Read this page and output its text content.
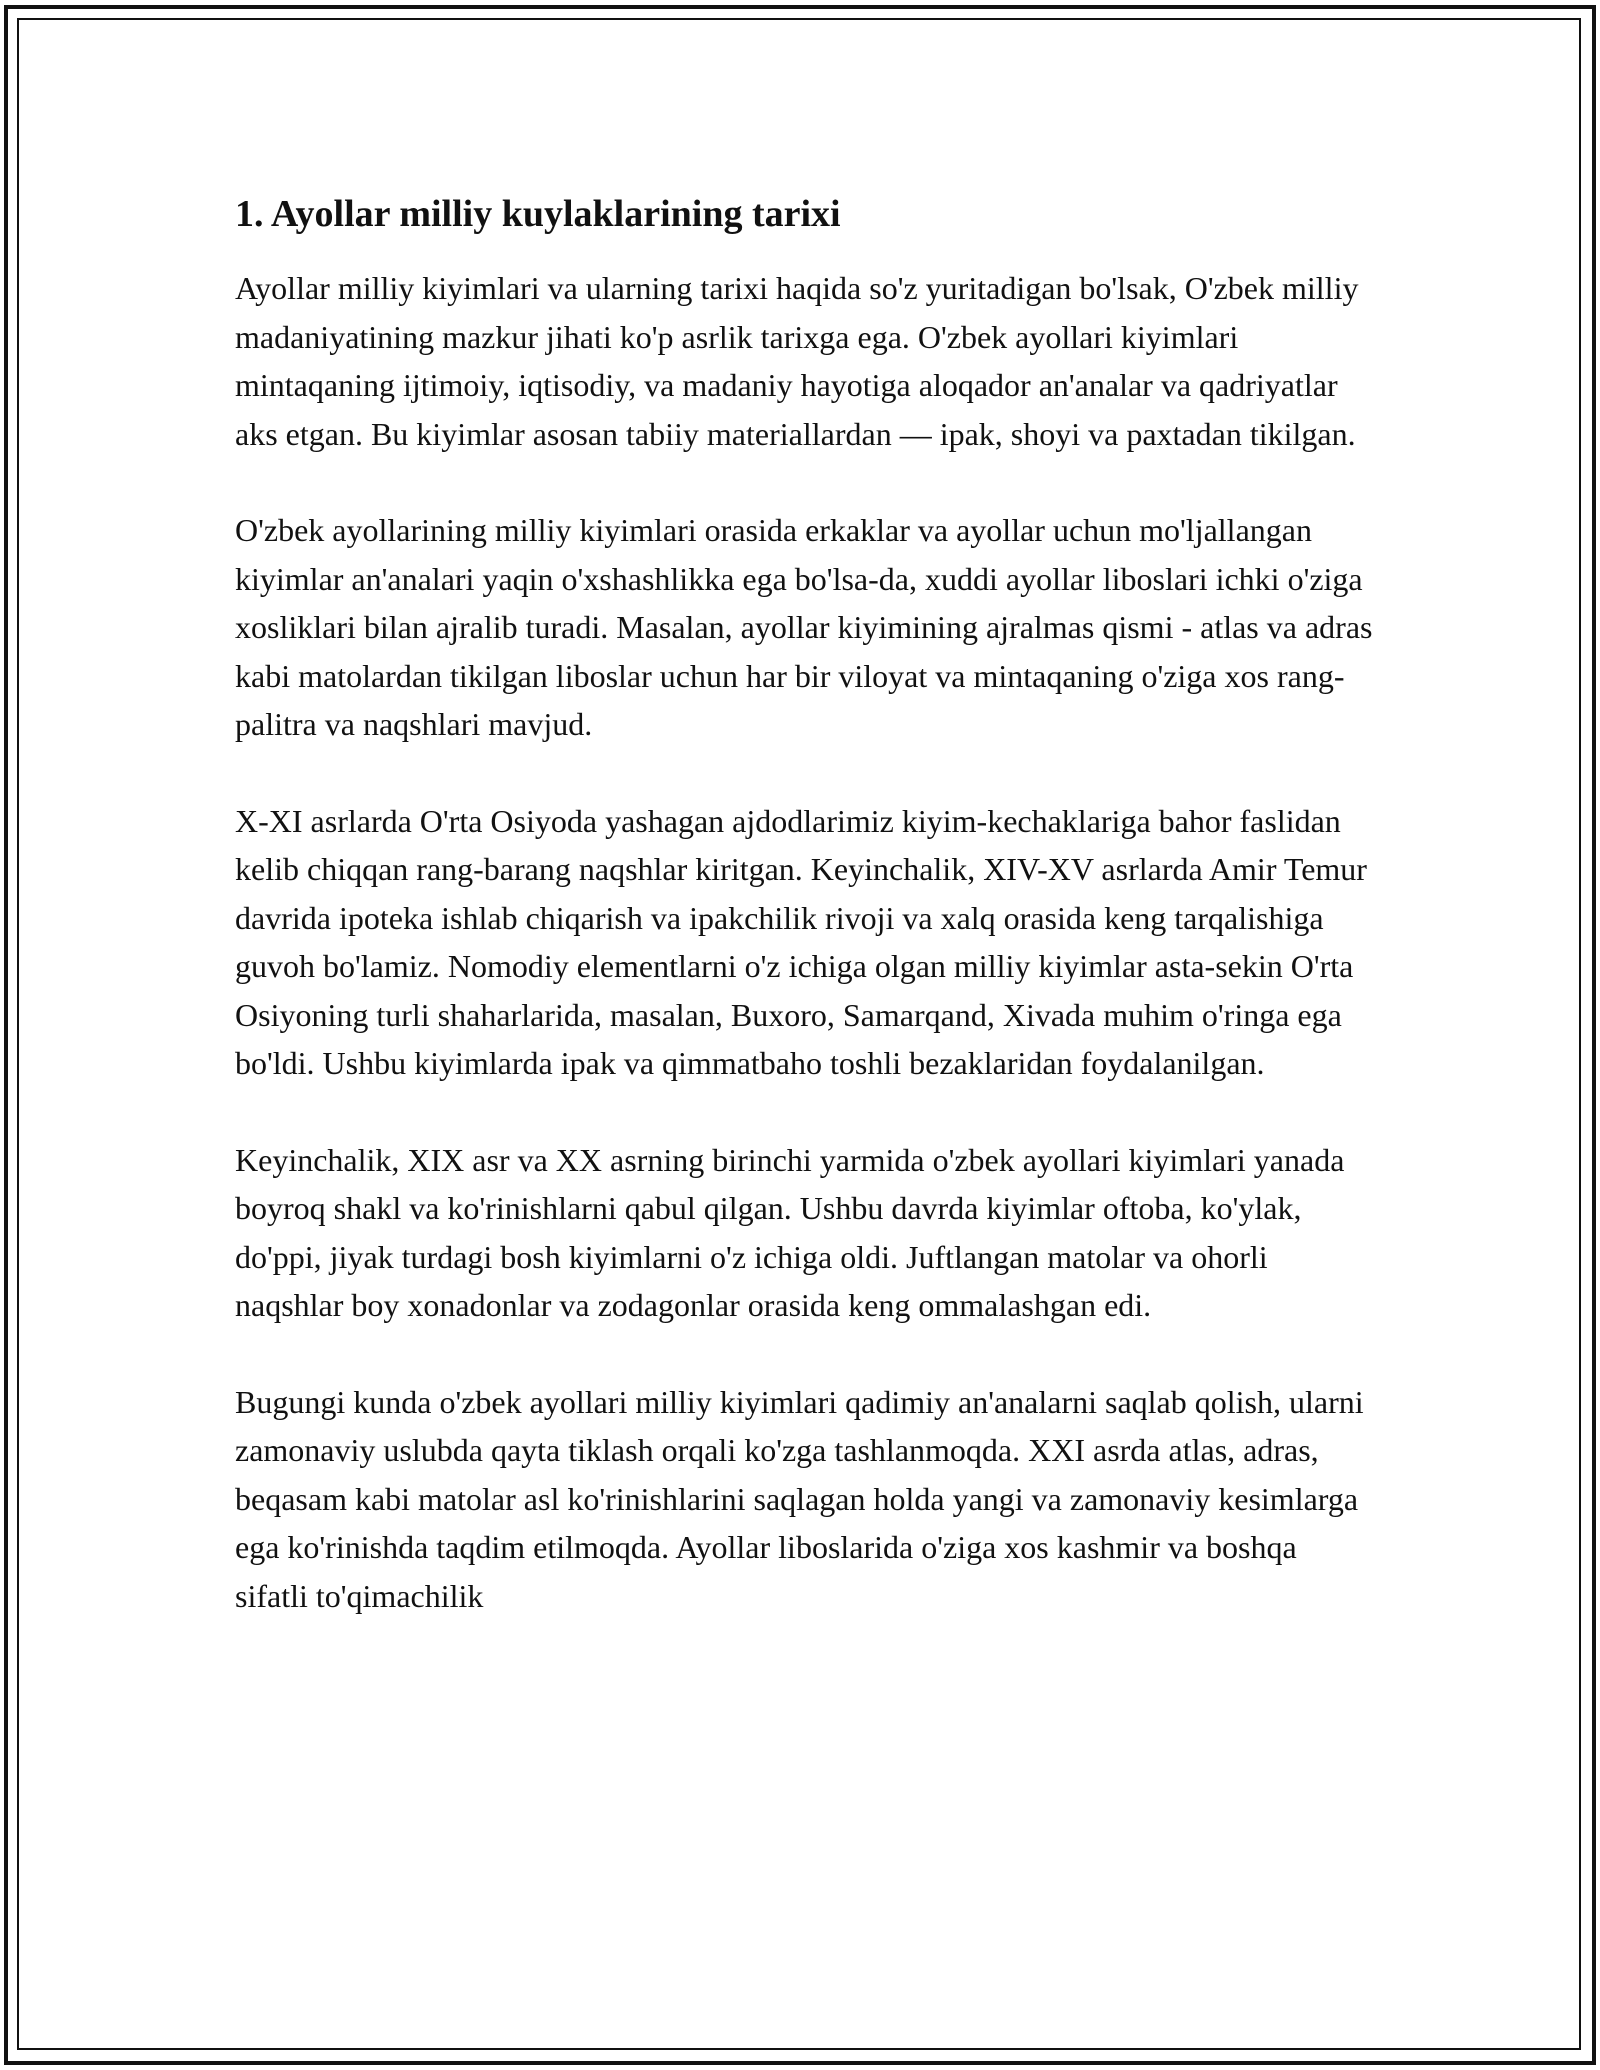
1. Ayollar milliy kuylaklarining tarixi

Ayollar milliy kiyimlari va ularning tarixi haqida so'z yuritadigan bo'lsak, O'zbek milliy madaniyatining mazkur jihati ko'p asrlik tarixga ega. O'zbek ayollari kiyimlari mintaqaning ijtimoiy, iqtisodiy, va madaniy hayotiga aloqador an'analar va qadriyatlar aks etgan. Bu kiyimlar asosan tabiiy materiallardan — ipak, shoyi va paxtadan tikilgan.

O'zbek ayollarining milliy kiyimlari orasida erkaklar va ayollar uchun mo'ljallangan kiyimlar an'analari yaqin o'xshashlikka ega bo'lsa-da, xuddi ayollar liboslari ichki o'ziga xosliklari bilan ajralib turadi. Masalan, ayollar kiyimining ajralmas qismi - atlas va adras kabi matolardan tikilgan liboslar uchun har bir viloyat va mintaqaning o'ziga xos rang-palitra va naqshlari mavjud.

X-XI asrlarda O'rta Osiyoda yashagan ajdodlarimiz kiyim-kechaklariga bahor faslidan kelib chiqqan rang-barang naqshlar kiritgan. Keyinchalik, XIV-XV asrlarda Amir Temur davrida ipoteka ishlab chiqarish va ipakchilik rivoji va xalq orasida keng tarqalishiga guvoh bo'lamiz. Nomodiy elementlarni o'z ichiga olgan milliy kiyimlar asta-sekin O'rta Osiyoning turli shaharlarida, masalan, Buxoro, Samarqand, Xivada muhim o'ringa ega bo'ldi. Ushbu kiyimlarda ipak va qimmatbaho toshli bezaklaridan foydalanilgan.

Keyinchalik, XIX asr va XX asrning birinchi yarmida o'zbek ayollari kiyimlari yanada boyroq shakl va ko'rinishlarni qabul qilgan. Ushbu davrda kiyimlar oftoba, ko'ylak, do'ppi, jiyak turdagi bosh kiyimlarni o'z ichiga oldi. Juftlangan matolar va ohorli naqshlar boy xonadonlar va zodagonlar orasida keng ommalashgan edi.

Bugungi kunda o'zbek ayollari milliy kiyimlari qadimiy an'analarni saqlab qolish, ularni zamonaviy uslubda qayta tiklash orqali ko'zga tashlanmoqda. XXI asrda atlas, adras, beqasam kabi matolar asl ko'rinishlarini saqlagan holda yangi va zamonaviy kesimlarga ega ko'rinishda taqdim etilmoqda. Ayollar liboslarida o'ziga xos kashmir va boshqa sifatli to'qimachilik
